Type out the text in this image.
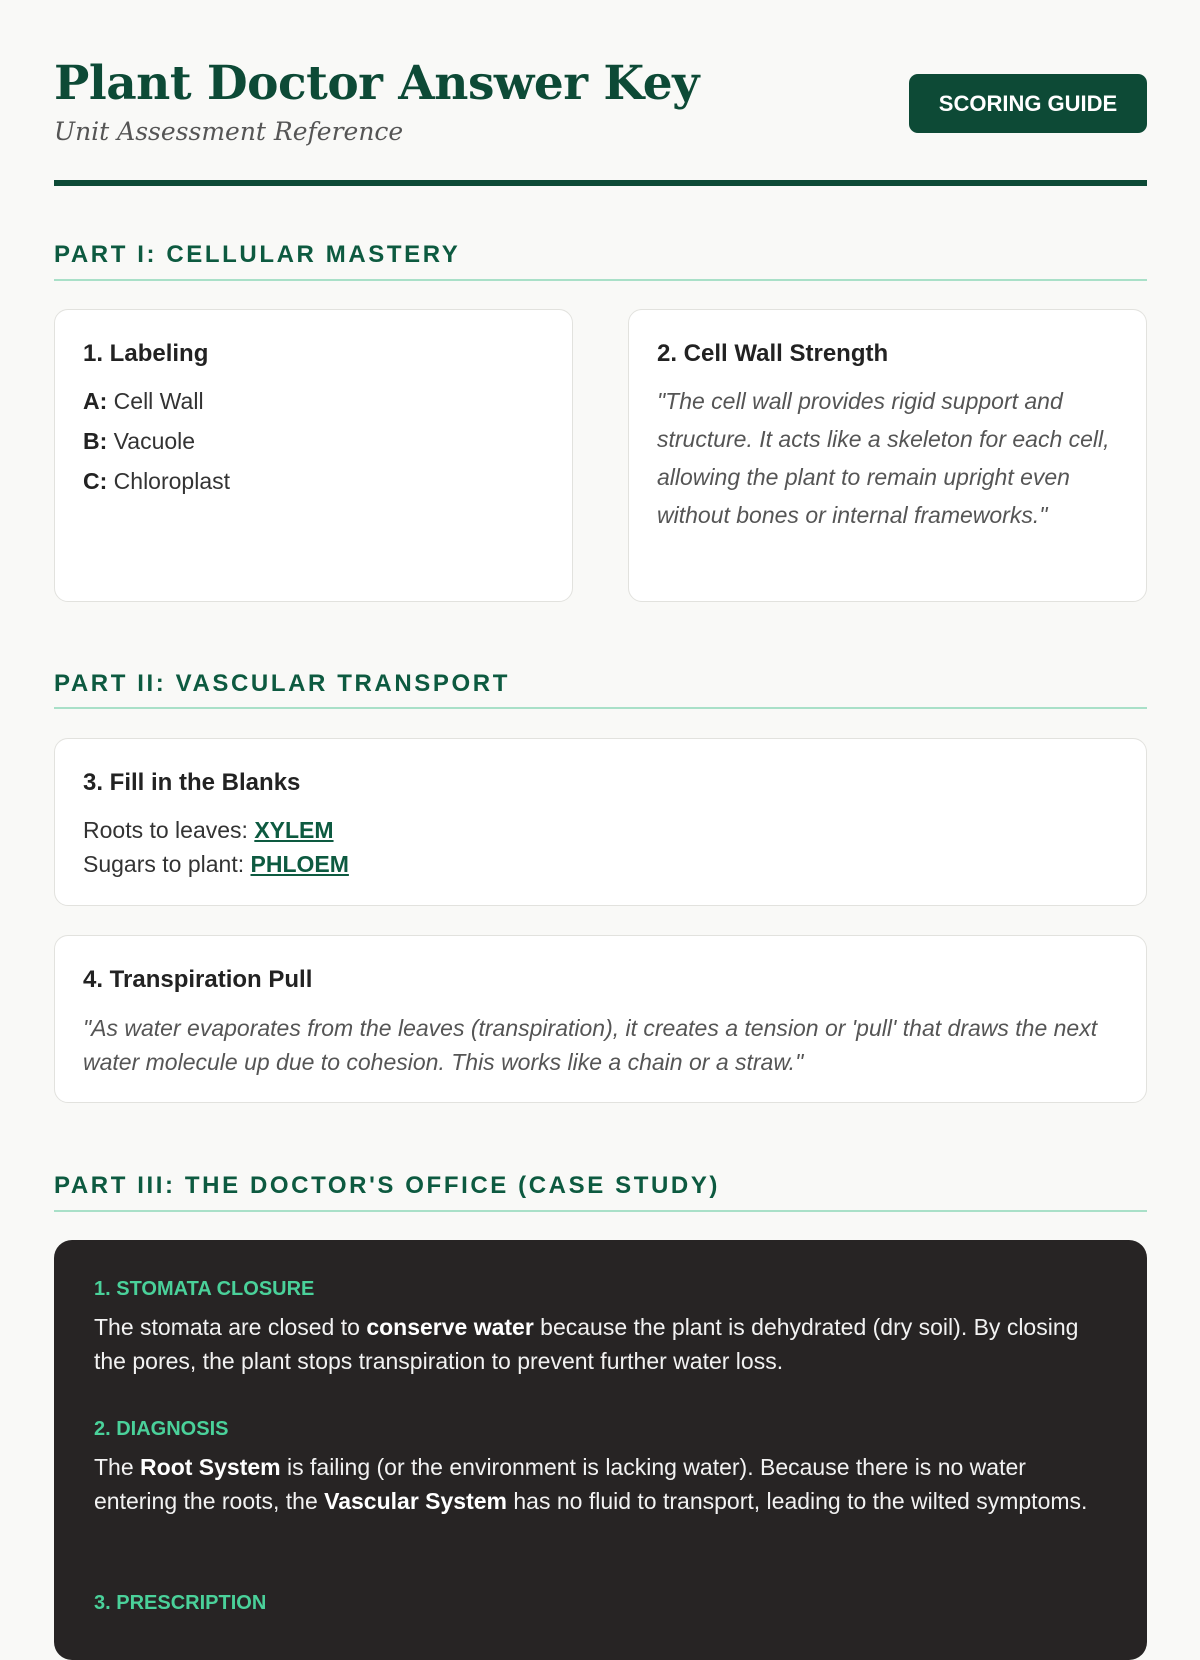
Plant Doctor Answer Key
Unit Assessment Reference
SCORING GUIDE
PART I: CELLULAR MASTERY
1. Labeling
A: Cell Wall
B: Vacuole
C: Chloroplast
2. Cell Wall Strength
"The cell wall provides rigid support and structure. It acts like a skeleton for each cell, allowing the plant to remain upright even without bones or internal frameworks."
PART II: VASCULAR TRANSPORT
3. Fill in the Blanks
Roots to leaves: XYLEM
Sugars to plant: PHLOEM
4. Transpiration Pull
"As water evaporates from the leaves (transpiration), it creates a tension or 'pull' that draws the next water molecule up due to cohesion. This works like a chain or a straw."
PART III: THE DOCTOR'S OFFICE (CASE STUDY)
1. STOMATA CLOSURE
The stomata are closed to conserve water because the plant is dehydrated (dry soil). By closing the pores, the plant stops transpiration to prevent further water loss.
2. DIAGNOSIS
The Root System is failing (or the environment is lacking water). Because there is no water entering the roots, the Vascular System has no fluid to transport, leading to the wilted symptoms.
3. PRESCRIPTION
